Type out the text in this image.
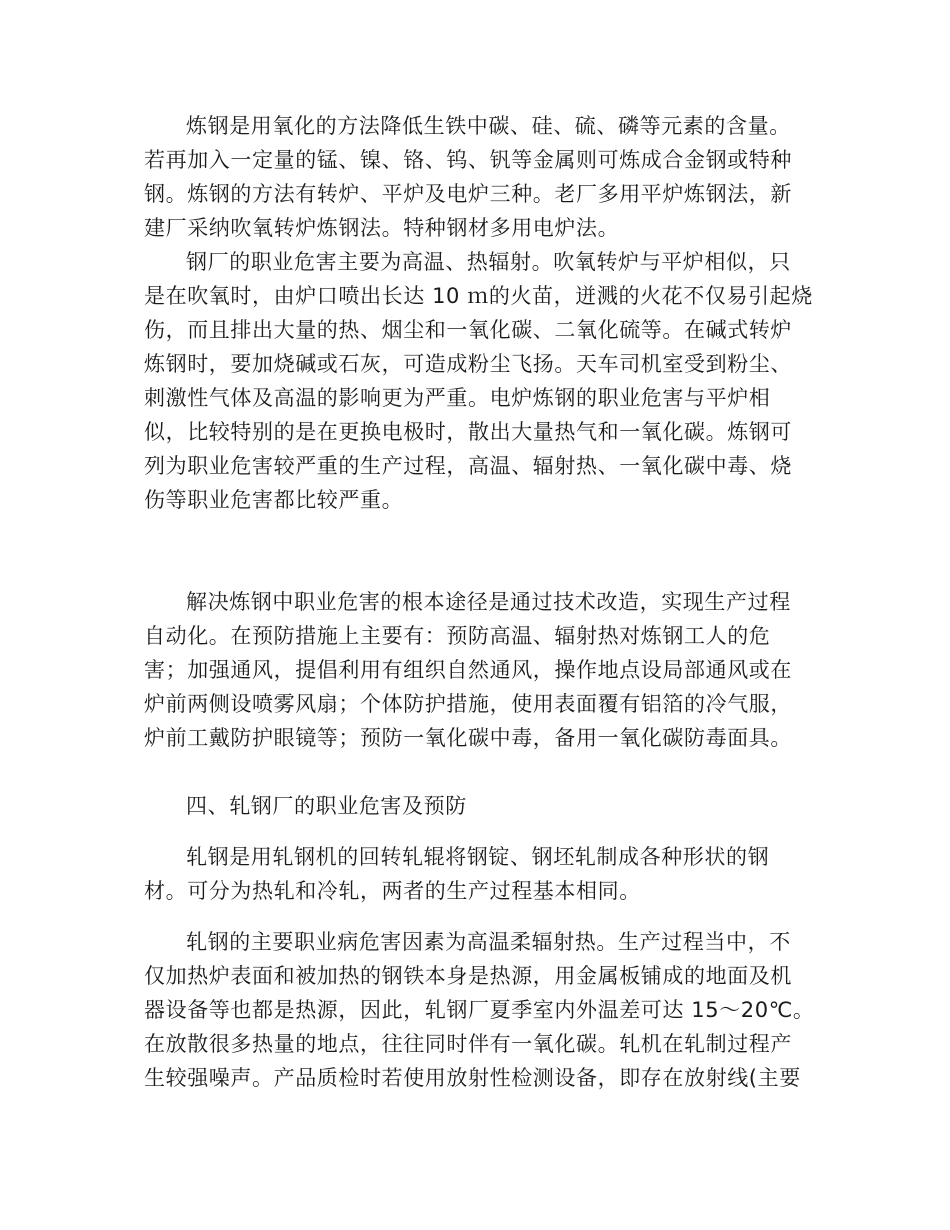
炼钢是用氧化的方法降低生铁中碳、硅、硫、磷等元素的含量。
若再加入一定量的锰、镍、铬、钨、钒等金属则可炼成合金钢或特种
钢。炼钢的方法有转炉、平炉及电炉三种。老厂多用平炉炼钢法，新
建厂采纳吹氧转炉炼钢法。特种钢材多用电炉法。

钢厂的职业危害主要为高温、热辐射。吹氧转炉与平炉相似，只
是在吹氧时，由炉口喷出长达 10 ｍ的火苗，迸溅的火花不仅易引起烧
伤，而且排出大量的热、烟尘和一氧化碳、二氧化硫等。在碱式转炉
炼钢时，要加烧碱或石灰，可造成粉尘飞扬。天车司机室受到粉尘、
刺激性气体及高温的影响更为严重。电炉炼钢的职业危害与平炉相
似，比较特别的是在更换电极时，散出大量热气和一氧化碳。炼钢可
列为职业危害较严重的生产过程，高温、辐射热、一氧化碳中毒、烧
伤等职业危害都比较严重。

解决炼钢中职业危害的根本途径是通过技术改造，实现生产过程
自动化。在预防措施上主要有：预防高温、辐射热对炼钢工人的危
害；加强通风，提倡利用有组织自然通风，操作地点设局部通风或在
炉前两侧设喷雾风扇；个体防护措施，使用表面覆有铝箔的冷气服，
炉前工戴防护眼镜等；预防一氧化碳中毒，备用一氧化碳防毒面具。

四、轧钢厂的职业危害及预防

轧钢是用轧钢机的回转轧辊将钢锭、钢坯轧制成各种形状的钢
材。可分为热轧和冷轧，两者的生产过程基本相同。

轧钢的主要职业病危害因素为高温柔辐射热。生产过程当中，不
仅加热炉表面和被加热的钢铁本身是热源，用金属板铺成的地面及机
器设备等也都是热源，因此，轧钢厂夏季室内外温差可达 15～20℃。
在放散很多热量的地点，往往同时伴有一氧化碳。轧机在轧制过程产
生较强噪声。产品质检时若使用放射性检测设备，即存在放射线(主要
